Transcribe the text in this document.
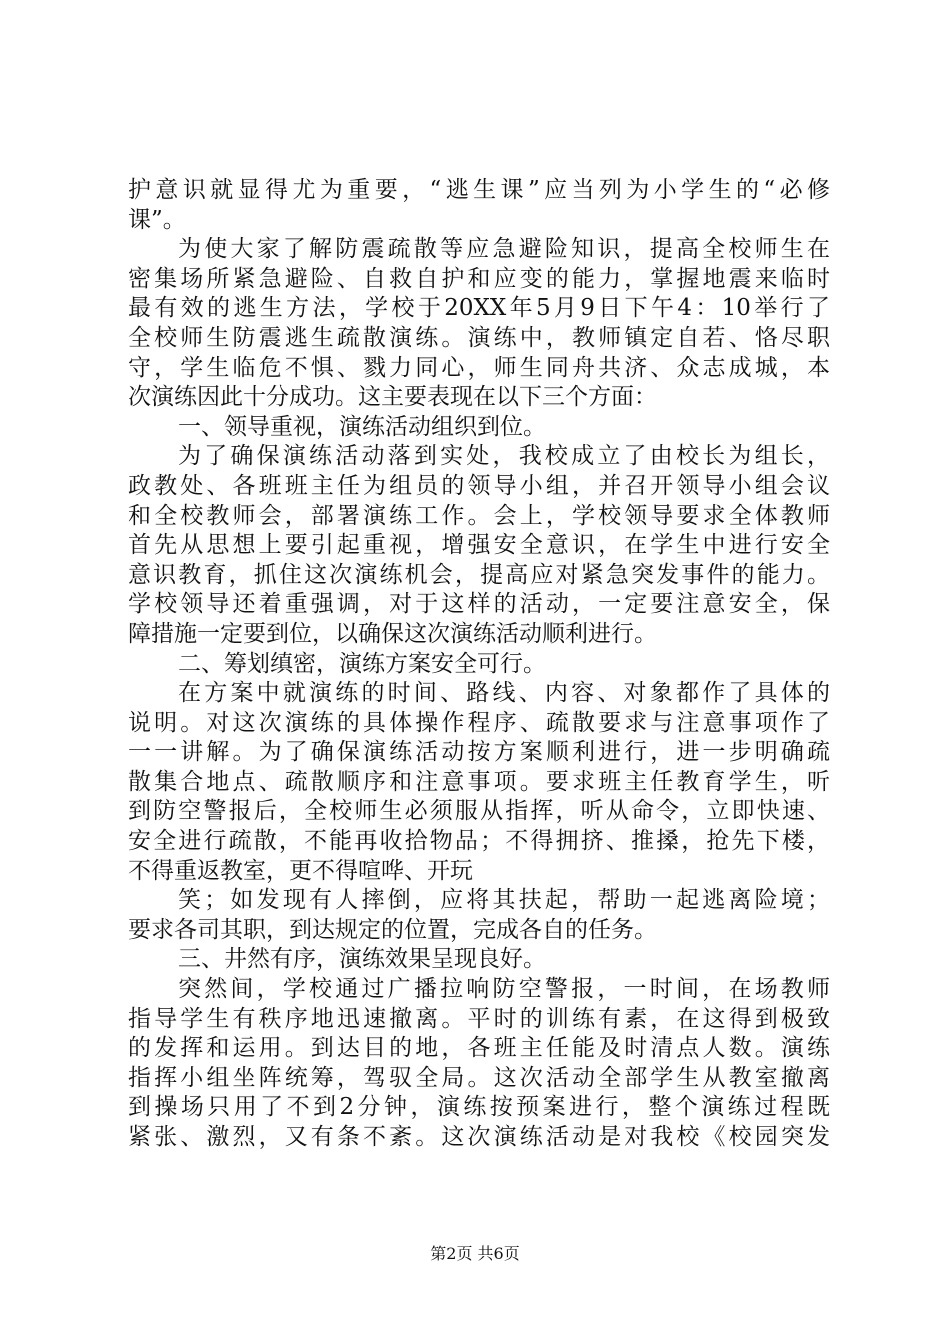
护意识就显得尤为重要，“逃生课”应当列为小学生的“必修
课”。
为使大家了解防震疏散等应急避险知识，提高全校师生在
密集场所紧急避险、自救自护和应变的能力，掌握地震来临时
最有效的逃生方法，学校于20XX年5月9日下午4：10举行了
全校师生防震逃生疏散演练。演练中，教师镇定自若、恪尽职
守，学生临危不惧、戮力同心，师生同舟共济、众志成城，本
次演练因此十分成功。这主要表现在以下三个方面：
一、领导重视，演练活动组织到位。
为了确保演练活动落到实处，我校成立了由校长为组长，
政教处、各班班主任为组员的领导小组，并召开领导小组会议
和全校教师会，部署演练工作。会上，学校领导要求全体教师
首先从思想上要引起重视，增强安全意识，在学生中进行安全
意识教育，抓住这次演练机会，提高应对紧急突发事件的能力。
学校领导还着重强调，对于这样的活动，一定要注意安全，保
障措施一定要到位，以确保这次演练活动顺利进行。
二、筹划缜密，演练方案安全可行。
在方案中就演练的时间、路线、内容、对象都作了具体的
说明。对这次演练的具体操作程序、疏散要求与注意事项作了
一一讲解。为了确保演练活动按方案顺利进行，进一步明确疏
散集合地点、疏散顺序和注意事项。要求班主任教育学生，听
到防空警报后，全校师生必须服从指挥，听从命令，立即快速、
安全进行疏散，不能再收拾物品；不得拥挤、推搡，抢先下楼，
不得重返教室，更不得喧哗、开玩
笑；如发现有人摔倒，应将其扶起，帮助一起逃离险境；
要求各司其职，到达规定的位置，完成各自的任务。
三、井然有序，演练效果呈现良好。
突然间，学校通过广播拉响防空警报，一时间，在场教师
指导学生有秩序地迅速撤离。平时的训练有素，在这得到极致
的发挥和运用。到达目的地，各班主任能及时清点人数。演练
指挥小组坐阵统筹，驾驭全局。这次活动全部学生从教室撤离
到操场只用了不到2分钟，演练按预案进行，整个演练过程既
紧张、激烈，又有条不紊。这次演练活动是对我校《校园突发
第2页 共6页
